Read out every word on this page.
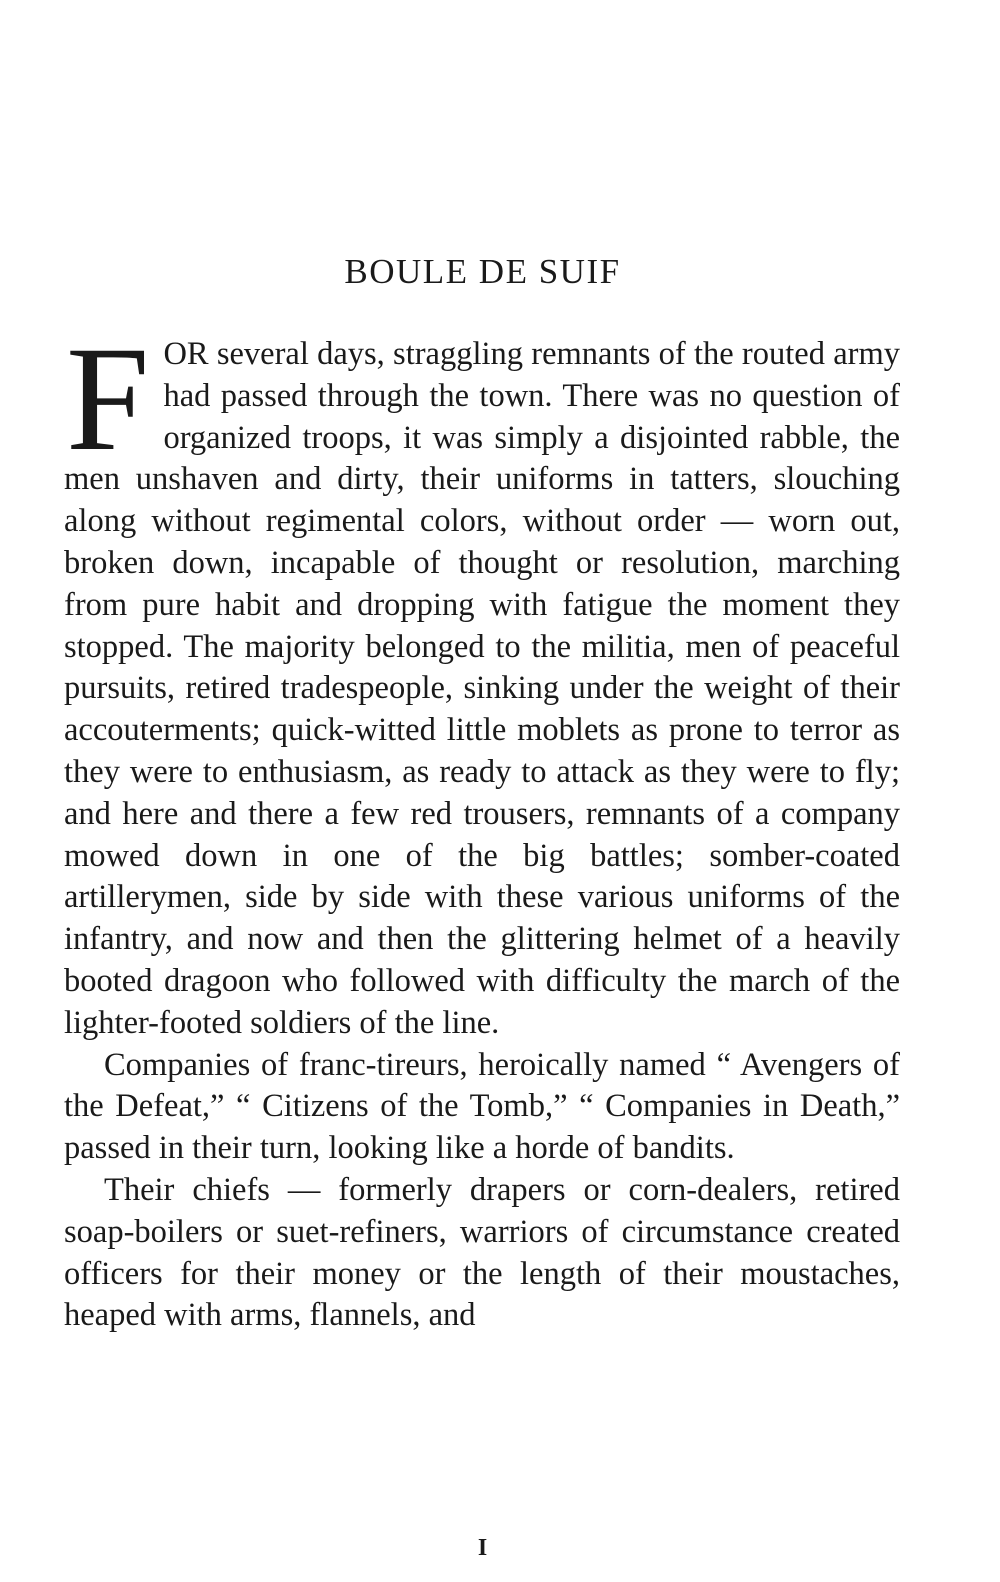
BOULE DE SUIF

FOR several days, straggling remnants of the routed army had passed through the town. There was no question of organized troops, it was simply a disjointed rabble, the men unshaven and dirty, their uniforms in tatters, slouching along without regimental colors, without order — worn out, broken down, incapable of thought or resolution, marching from pure habit and dropping with fatigue the moment they stopped. The majority belonged to the militia, men of peaceful pursuits, retired tradespeople, sinking under the weight of their accouterments; quick-witted little moblets as prone to terror as they were to enthusiasm, as ready to attack as they were to fly; and here and there a few red trousers, remnants of a company mowed down in one of the big battles; somber-coated artillerymen, side by side with these various uniforms of the infantry, and now and then the glittering helmet of a heavily booted dragoon who followed with difficulty the march of the lighter-footed soldiers of the line.

Companies of franc-tireurs, heroically named “ Avengers of the Defeat,” “ Citizens of the Tomb,” “ Companies in Death,” passed in their turn, looking like a horde of bandits.

Their chiefs — formerly drapers or corn-dealers, retired soap-boilers or suet-refiners, warriors of circumstance created officers for their money or the length of their moustaches, heaped with arms, flannels, and

I
